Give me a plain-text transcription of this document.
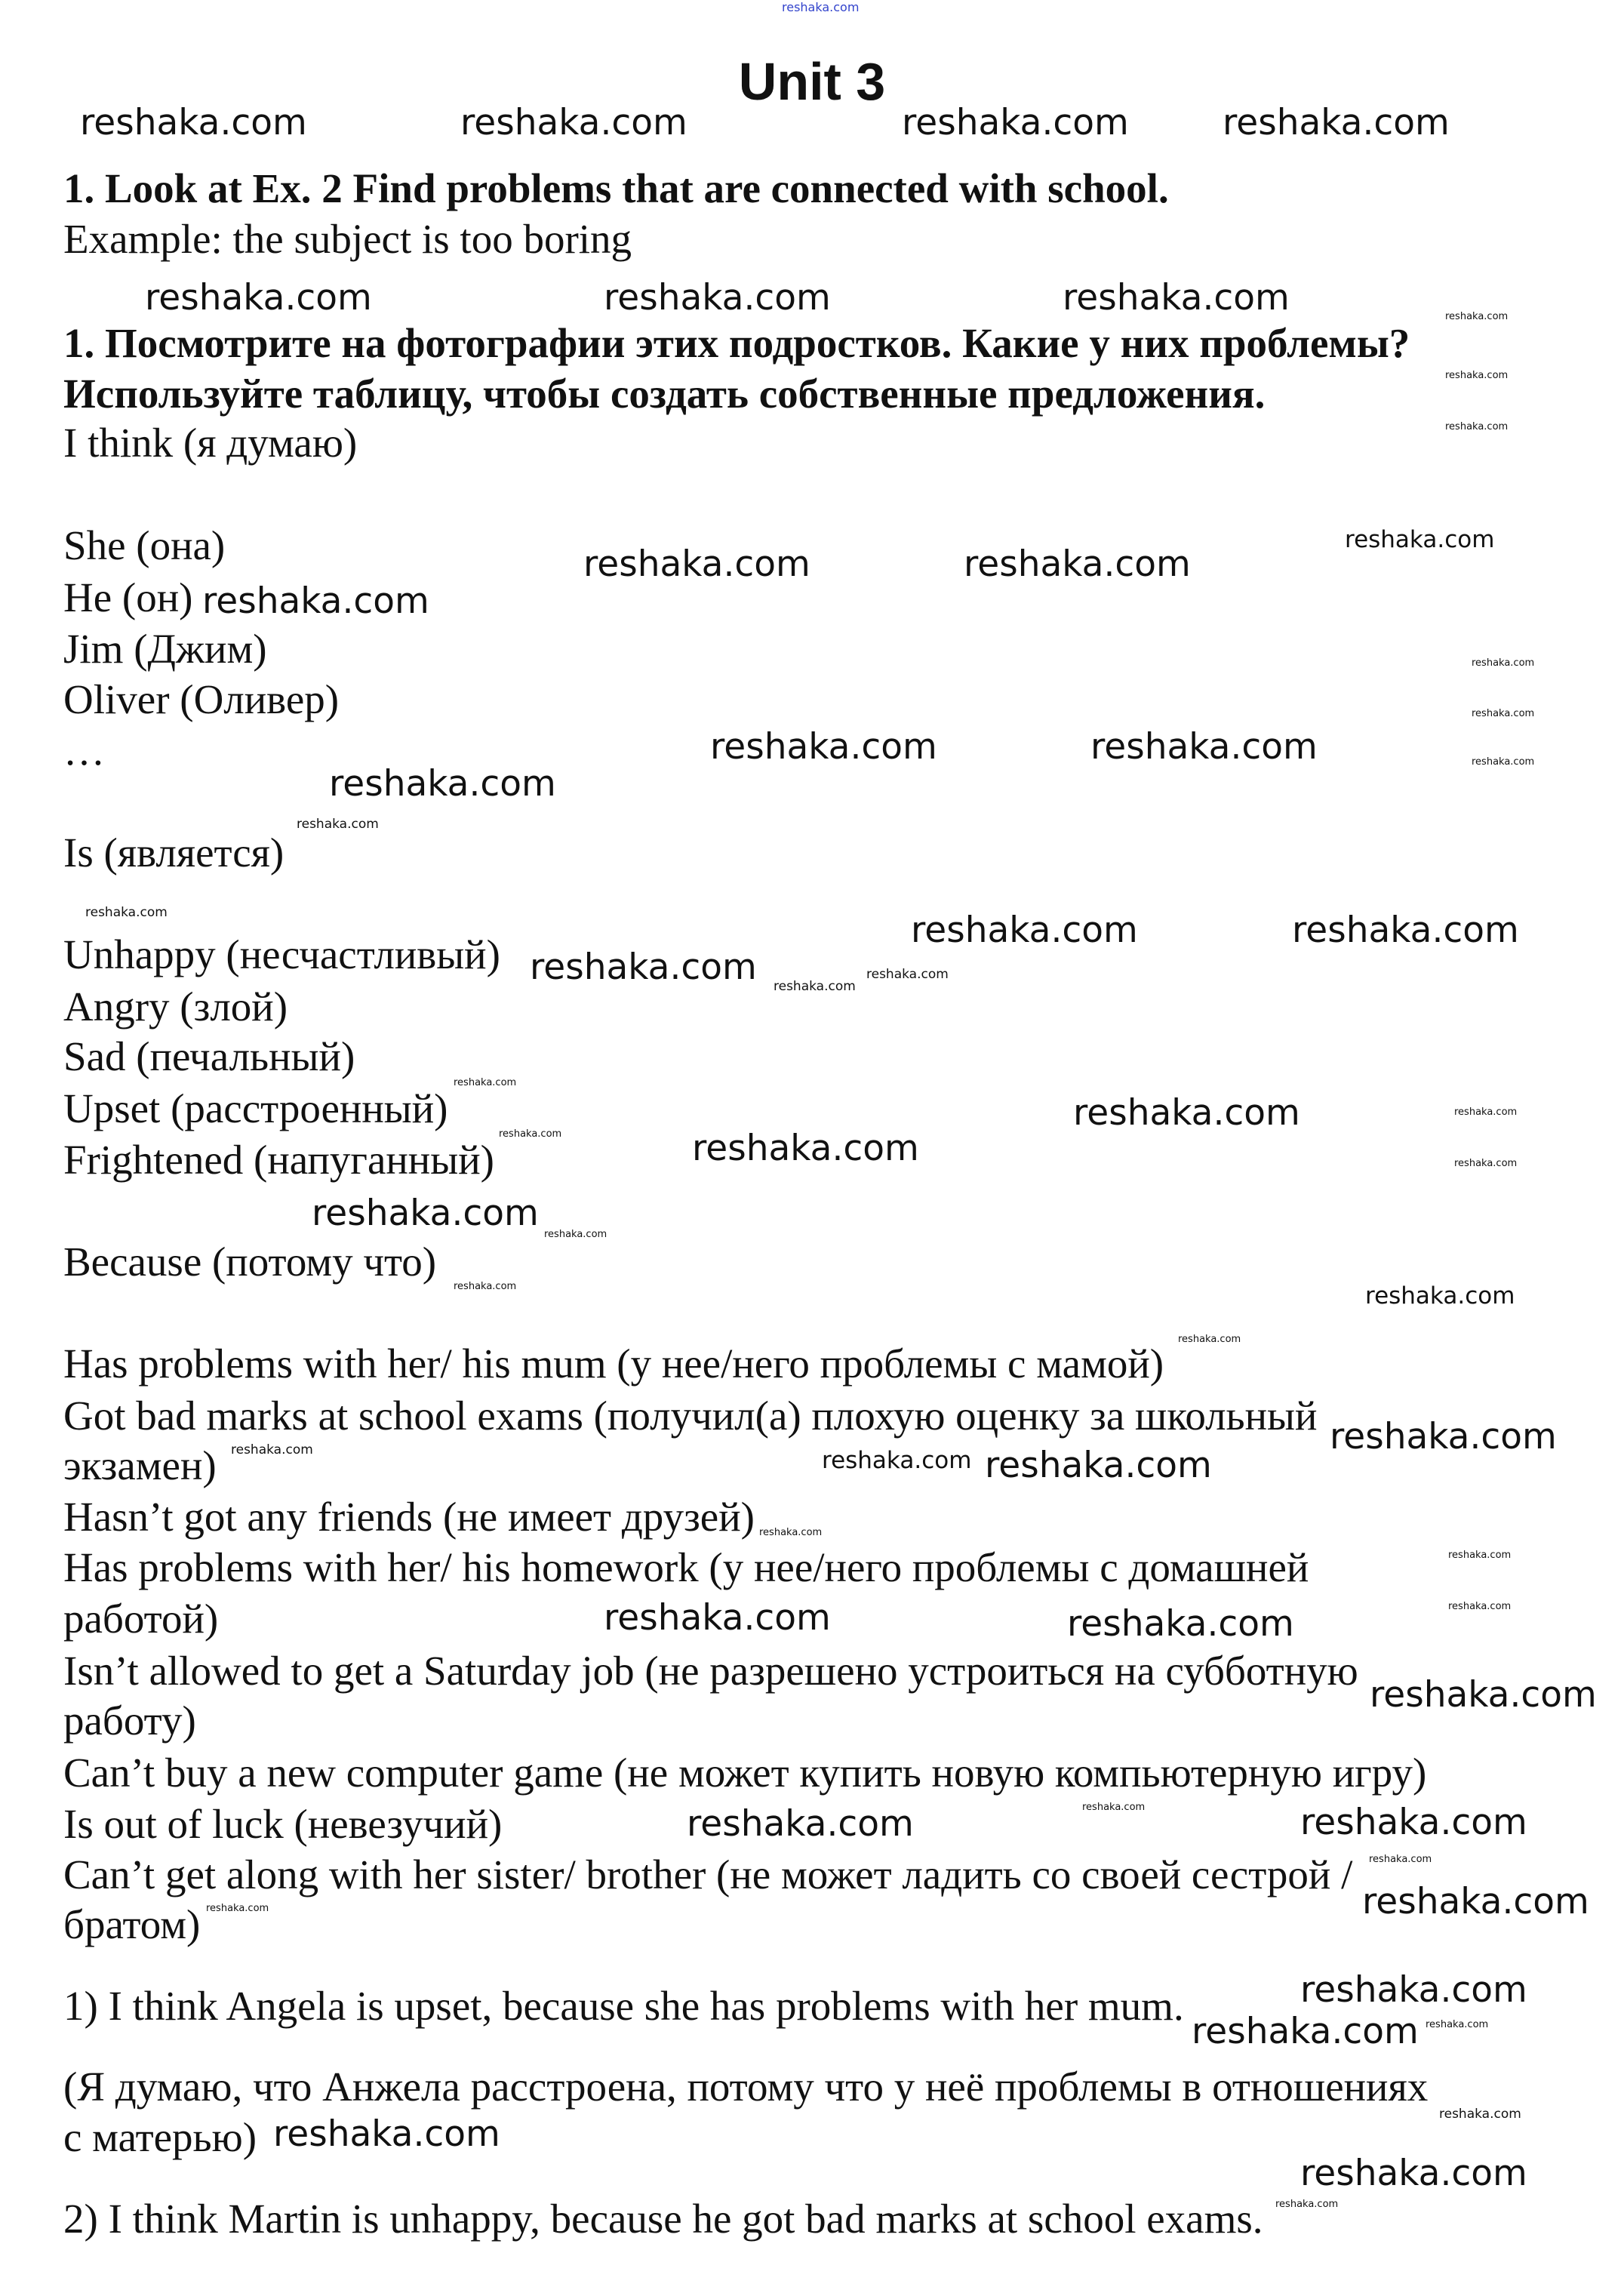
reshaka.com
Unit 3
1. Look at Ex. 2 Find problems that are connected with school.
Example: the subject is too boring
1. Посмотрите на фотографии этих подростков. Какие у них проблемы?
Используйте таблицу, чтобы создать собственные предложения.
I think (я думаю)
She (она)
He (он)
Jim (Джим)
Oliver (Оливер)
…
Is (является)
Unhappy (несчастливый)
Angry (злой)
Sad (печальный)
Upset (расстроенный)
Frightened (напуганный)
Because (потому что)
Has problems with her/ his mum (у нее/него проблемы с мамой)
Got bad marks at school exams (получил(а) плохую оценку за школьный
экзамен)
Hasn’t got any friends (не имеет друзей)
Has problems with her/ his homework (у нее/него проблемы с домашней
работой)
Isn’t allowed to get a Saturday job (не разрешено устроиться на субботную
работу)
Can’t buy a new computer game (не может купить новую компьютерную игру)
Is out of luck (невезучий)
Can’t get along with her sister/ brother (не может ладить со своей сестрой /
братом)
1) I think Angela is upset, because she has problems with her mum.
(Я думаю, что Анжела расстроена, потому что у неё проблемы в отношениях
с матерью)
2) I think Martin is unhappy, because he got bad marks at school exams.
reshaka.com	reshaka.com	reshaka.com	reshaka.com
reshaka.com	reshaka.com	reshaka.com
reshaka.com	reshaka.com
reshaka.com
reshaka.com	reshaka.com
reshaka.com
reshaka.com	reshaka.com
reshaka.com
reshaka.com
reshaka.com
reshaka.com
reshaka.com
reshaka.com
reshaka.com	reshaka.com
reshaka.com
reshaka.com	reshaka.com
reshaka.com
reshaka.com
reshaka.com
reshaka.com
reshaka.com
reshaka.com
reshaka.com
reshaka.com
reshaka.com
reshaka.com
reshaka.com
reshaka.com
reshaka.com
reshaka.com
reshaka.com
reshaka.com
reshaka.com
reshaka.com
reshaka.com
reshaka.com
reshaka.com
reshaka.com
reshaka.com
reshaka.com
reshaka.com
reshaka.com
reshaka.com
reshaka.com
reshaka.com
reshaka.com
reshaka.com
reshaka.com
reshaka.com
reshaka.com
reshaka.com
